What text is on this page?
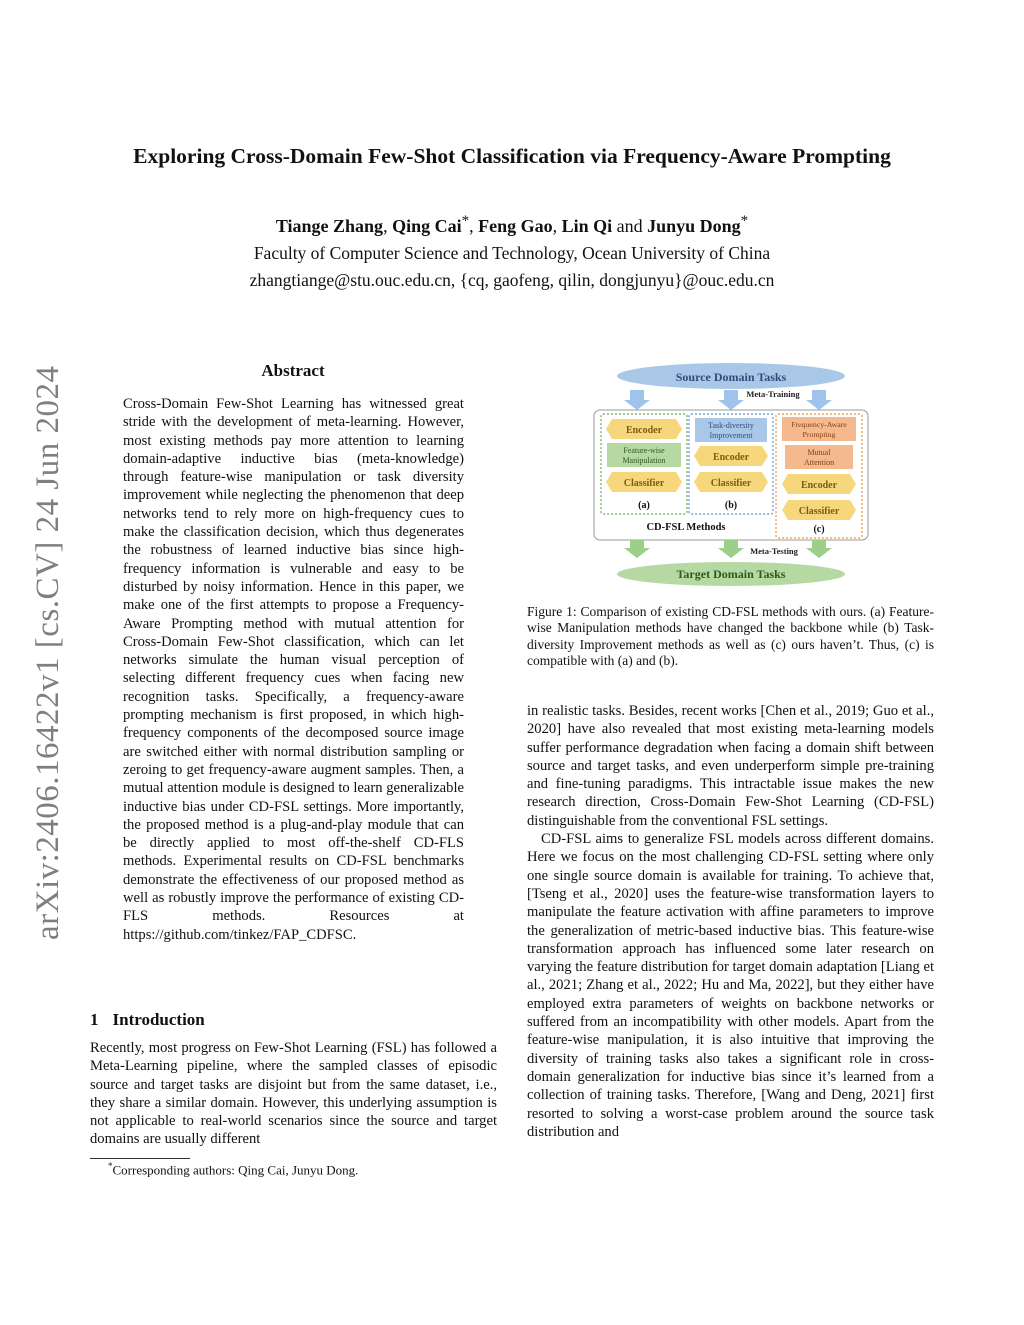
arXiv:2406.16422v1 [cs.CV] 24 Jun 2024
Exploring Cross-Domain Few-Shot Classification via Frequency-Aware Prompting
Tiange Zhang, Qing Cai*, Feng Gao, Lin Qi and Junyu Dong*
Faculty of Computer Science and Technology, Ocean University of China
zhangtiange@stu.ouc.edu.cn, {cq, gaofeng, qilin, dongjunyu}@ouc.edu.cn
Abstract

Cross-Domain Few-Shot Learning has witnessed great stride with the development of meta-learning. However, most existing methods pay more attention to learning domain-adaptive inductive bias (meta-knowledge) through feature-wise manipulation or task diversity improvement while neglecting the phenomenon that deep networks tend to rely more on high-frequency cues to make the classification decision, which thus degenerates the robustness of learned inductive bias since high-frequency information is vulnerable and easy to be disturbed by noisy information. Hence in this paper, we make one of the first attempts to propose a Frequency-Aware Prompting method with mutual attention for Cross-Domain Few-Shot classification, which can let networks simulate the human visual perception of selecting different frequency cues when facing new recognition tasks. Specifically, a frequency-aware prompting mechanism is first proposed, in which high-frequency components of the decomposed source image are switched either with normal distribution sampling or zeroing to get frequency-aware augment samples. Then, a mutual attention module is designed to learn generalizable inductive bias under CD-FSL settings. More importantly, the proposed method is a plug-and-play module that can be directly applied to most off-the-shelf CD-FLS methods. Experimental results on CD-FSL benchmarks demonstrate the effectiveness of our proposed method as well as robustly improve the performance of existing CD-FLS methods. Resources at https://github.com/tinkez/FAP_CDFSC.

1 Introduction

Recently, most progress on Few-Shot Learning (FSL) has followed a Meta-Learning pipeline, where the sampled classes of episodic source and target tasks are disjoint but from the same dataset, i.e., they share a similar domain. However, this underlying assumption is not applicable to real-world scenarios since the source and target domains are usually different

*Corresponding authors: Qing Cai, Junyu Dong.
Source Domain Tasks
Meta-Training
Encoder
Feature-wise
Manipulation
Classifier
(a)
Task-diversity
Improvement
Encoder
Classifier
(b)
Frequency-Aware
Prompting
Mutual
Attention
Encoder
Classifier
(c)
CD-FSL Methods
Meta-Testing
Target Domain Tasks

Figure 1: Comparison of existing CD-FSL methods with ours. (a) Feature-wise Manipulation methods have changed the backbone while (b) Task-diversity Improvement methods as well as (c) ours haven’t. Thus, (c) is compatible with (a) and (b).

in realistic tasks. Besides, recent works [Chen et al., 2019; Guo et al., 2020] have also revealed that most existing meta-learning models suffer performance degradation when facing a domain shift between source and target tasks, and even underperform simple pre-training and fine-tuning paradigms. This intractable issue makes the new research direction, Cross-Domain Few-Shot Learning (CD-FSL) distinguishable from the conventional FSL settings.

CD-FSL aims to generalize FSL models across different domains. Here we focus on the most challenging CD-FSL setting where only one single source domain is available for training. To achieve that, [Tseng et al., 2020] uses the feature-wise transformation layers to manipulate the feature activation with affine parameters to improve the generalization of metric-based inductive bias. This feature-wise transformation approach has influenced some later research on varying the feature distribution for target domain adaptation [Liang et al., 2021; Zhang et al., 2022; Hu and Ma, 2022], but they either have employed extra parameters of weights on backbone networks or suffered from an incompatibility with other models. Apart from the feature-wise manipulation, it is also intuitive that improving the diversity of training tasks also takes a significant role in cross-domain generalization for inductive bias since it’s learned from a collection of training tasks. Therefore, [Wang and Deng, 2021] first resorted to solving a worst-case problem around the source task distribution and
